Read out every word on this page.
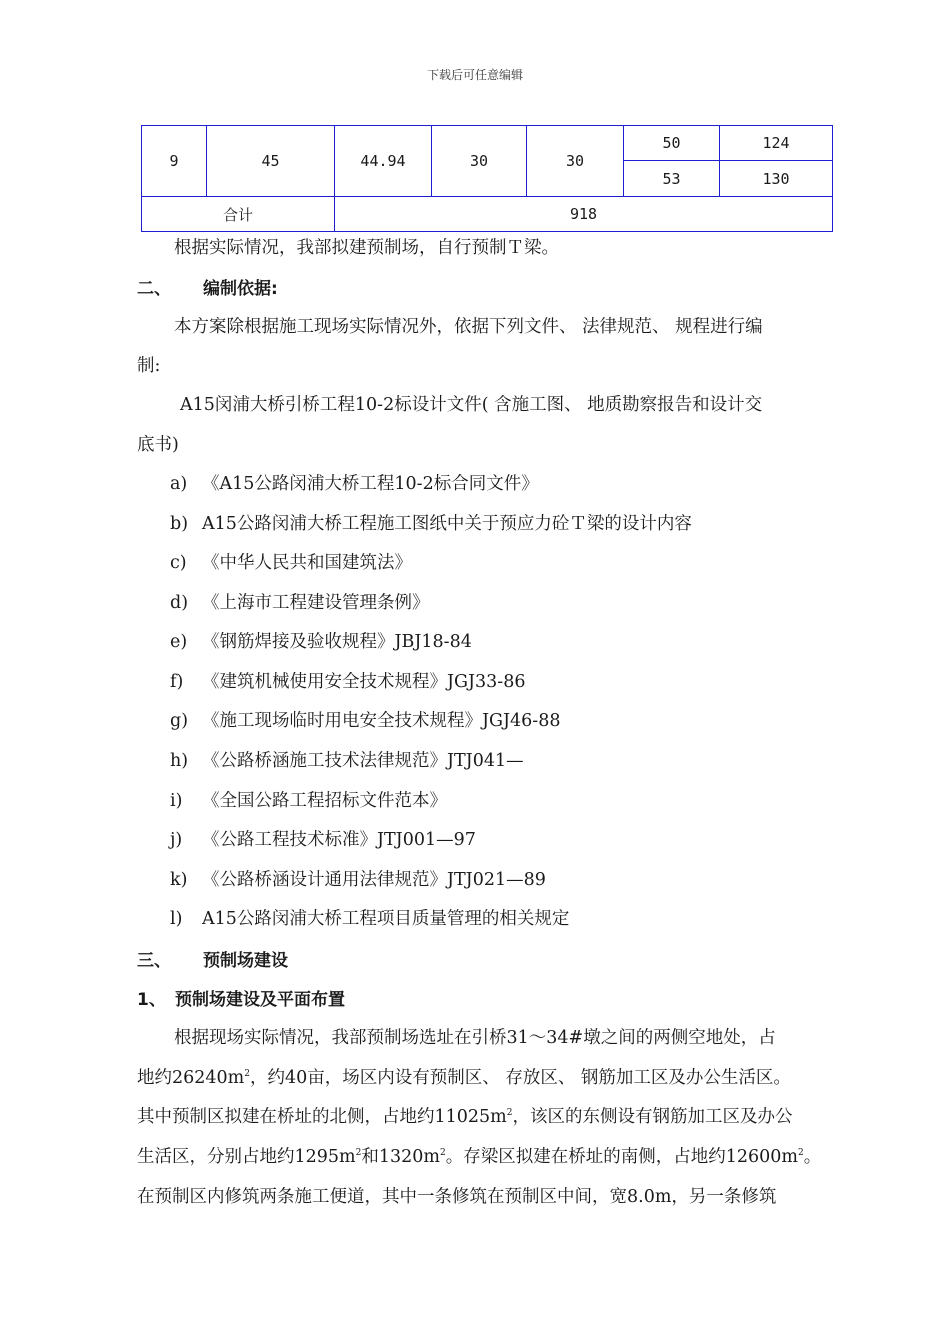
下载后可任意编辑
9	45	44.94	30	30	50	124
					53	130
合计		918				
根据实际情况，我部拟建预制场，自行预制Ｔ梁。
二、 编制依据:
本方案除根据施工现场实际情况外，依据下列文件、 法律规范、 规程进行编
制:
A15闵浦大桥引桥工程10-2标设计文件( 含施工图、 地质勘察报告和设计交
底书)
a) 《A15公路闵浦大桥工程10-2标合同文件》
b) A15公路闵浦大桥工程施工图纸中关于预应力砼Ｔ梁的设计内容
c) 《中华人民共和国建筑法》
d) 《上海市工程建设管理条例》
e) 《钢筋焊接及验收规程》JBJ18-84
f) 《建筑机械使用安全技术规程》JGJ33-86
g) 《施工现场临时用电安全技术规程》JGJ46-88
h) 《公路桥涵施工技术法律规范》JTJ041—
i) 《全国公路工程招标文件范本》
j) 《公路工程技术标准》JTJ001—97
k) 《公路桥涵设计通用法律规范》JTJ021—89
l) A15公路闵浦大桥工程项目质量管理的相关规定
三、 预制场建设
1、 预制场建设及平面布置
根据现场实际情况，我部预制场选址在引桥31～34#墩之间的两侧空地处，占
地约$26240m^2$，约40亩，场区内设有预制区、 存放区、 钢筋加工区及办公生活区。
其中预制区拟建在桥址的北侧，占地约$11025m^2$，该区的东侧设有钢筋加工区及办公
生活区，分别占地约$1295m^2$和$1320m^2$。存梁区拟建在桥址的南侧，占地约$12600m^2$。
在预制区内修筑两条施工便道，其中一条修筑在预制区中间，宽8.0m，另一条修筑
